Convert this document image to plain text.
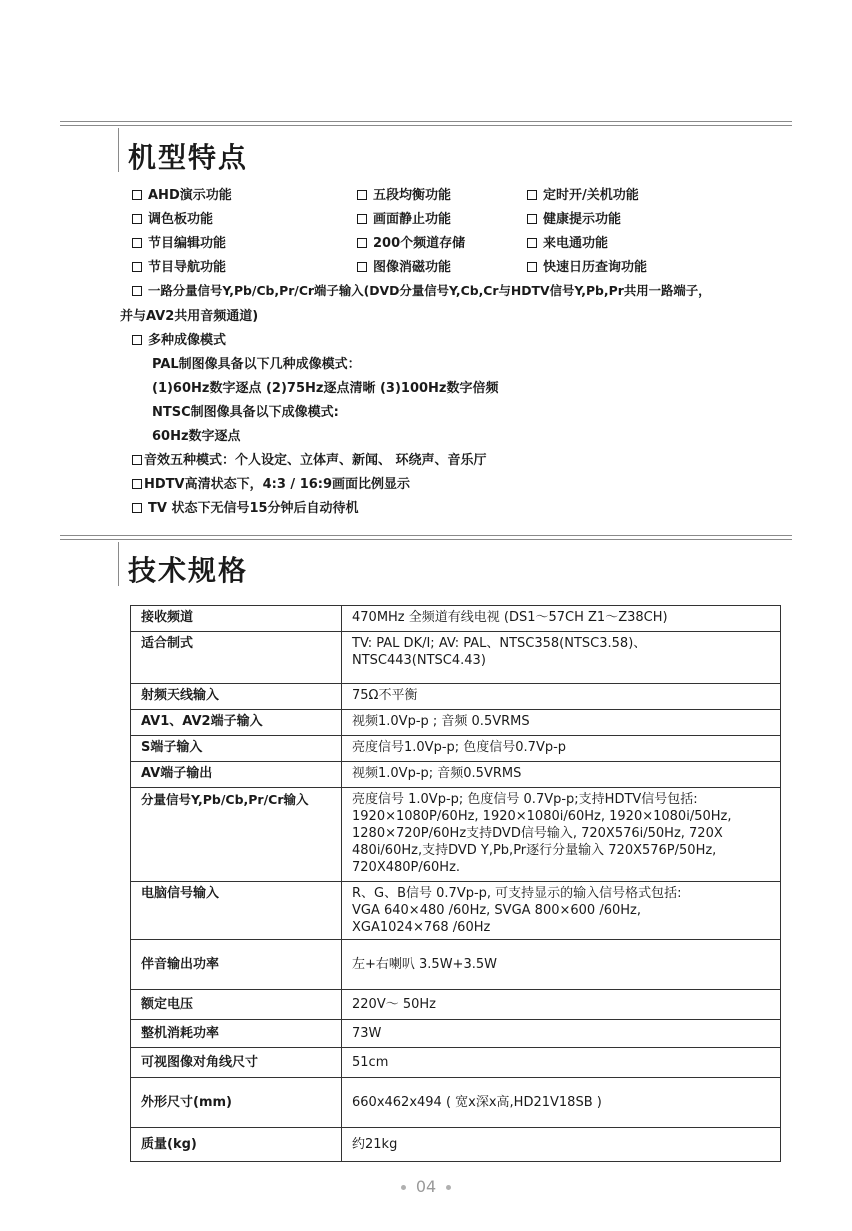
机型特点
AHD演示功能	五段均衡功能	定时开/关机功能
调色板功能	画面静止功能	健康提示功能
节目编辑功能	200个频道存储	来电通功能
节目导航功能	图像消磁功能	快速日历查询功能
一路分量信号Y,Pb/Cb,Pr/Cr端子输入(DVD分量信号Y,Cb,Cr与HDTV信号Y,Pb,Pr共用一路端子，
并与AV2共用音频通道)
多种成像模式
PAL制图像具备以下几种成像模式：
(1)60Hz数字逐点 (2)75Hz逐点清晰 (3)100Hz数字倍频
NTSC制图像具备以下成像模式:
60Hz数字逐点
音效五种模式：个人设定、立体声、新闻、 环绕声、音乐厅
HDTV高清状态下，4:3 / 16:9画面比例显示
TV 状态下无信号15分钟后自动待机
技术规格
接收频道	470MHz 全频道有线电视 (DS1～57CH Z1～Z38CH)

适合制式	TV: PAL DK/I; AV: PAL、NTSC358(NTSC3.58)、
NTSC443(NTSC4.43)

射频天线输入	75Ω不平衡

AV1、AV2端子输入	视频1.0Vp-p ; 音频 0.5VRMS

S端子输入	亮度信号1.0Vp-p; 色度信号0.7Vp-p

AV端子输出	视频1.0Vp-p; 音频0.5VRMS

分量信号Y,Pb/Cb,Pr/Cr输入	亮度信号 1.0Vp-p; 色度信号 0.7Vp-p;支持HDTV信号包括:
1920×1080P/60Hz, 1920×1080i/60Hz, 1920×1080i/50Hz,
1280×720P/60Hz支持DVD信号输入, 720X576i/50Hz, 720X
480i/60Hz,支持DVD Y,Pb,Pr逐行分量输入 720X576P/50Hz,
720X480P/60Hz.

电脑信号输入	R、G、B信号 0.7Vp-p, 可支持显示的输入信号格式包括:
VGA 640×480 /60Hz, SVGA 800×600 /60Hz,
XGA1024×768 /60Hz

伴音输出功率	左+右喇叭 3.5W+3.5W

额定电压	220V～ 50Hz

整机消耗功率	73W

可视图像对角线尺寸	51cm

外形尺寸(mm)	660x462x494 ( 宽x深x高,HD21V18SB )

质量(kg)	约21kg
04
